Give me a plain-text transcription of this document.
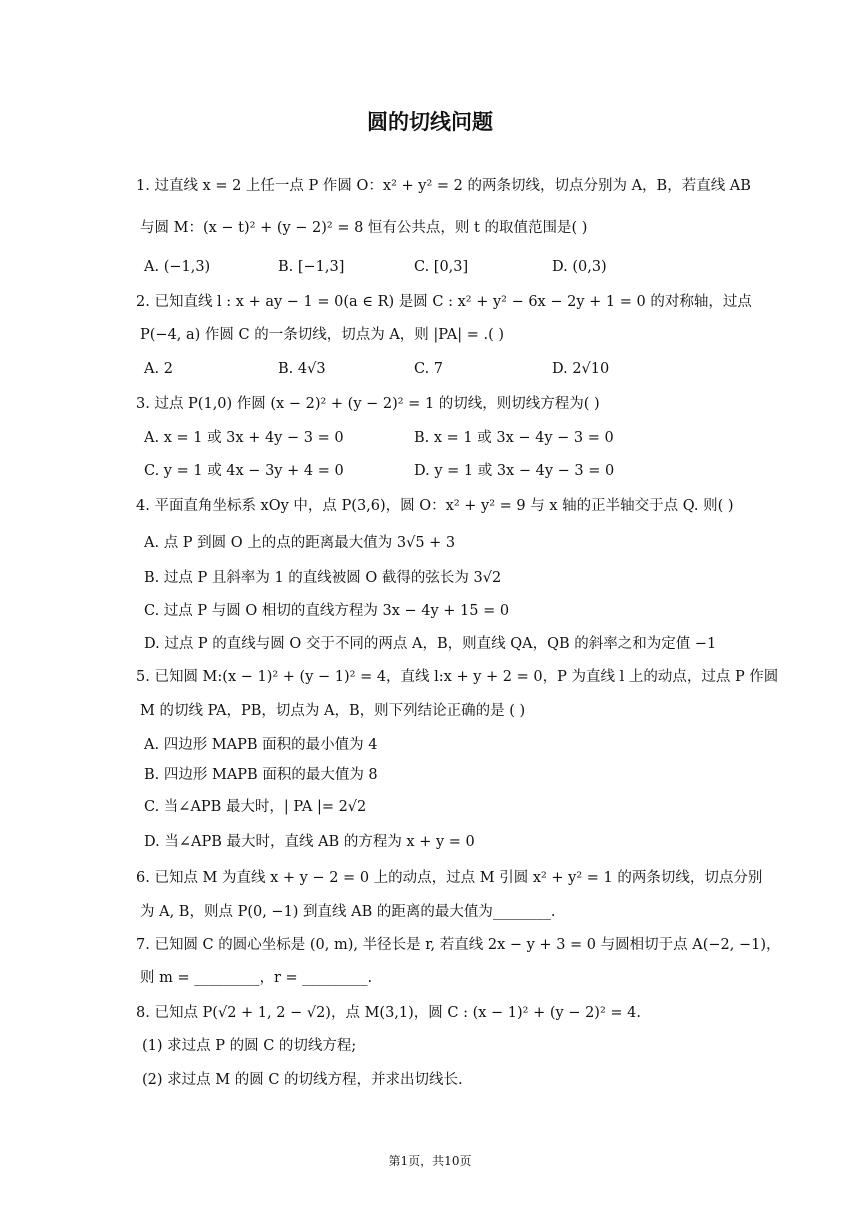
圆的切线问题
1. 过直线 x = 2 上任一点 P 作圆 O：x² + y² = 2 的两条切线，切点分别为 A，B，若直线 AB
与圆 M：(x − t)² + (y − 2)² = 8 恒有公共点，则 t 的取值范围是( )
A. (−1,3)	B. [−1,3]	C. [0,3]	D. (0,3)
2. 已知直线 l : x + ay − 1 = 0(a ∈ R) 是圆 C : x² + y² − 6x − 2y + 1 = 0 的对称轴，过点
P(−4, a) 作圆 C 的一条切线，切点为 A，则 |PA| = .( )
A. 2	B. 4√3	C. 7	D. 2√10
3. 过点 P(1,0) 作圆 (x − 2)² + (y − 2)² = 1 的切线，则切线方程为( )
A. x = 1 或 3x + 4y − 3 = 0	B. x = 1 或 3x − 4y − 3 = 0
C. y = 1 或 4x − 3y + 4 = 0	D. y = 1 或 3x − 4y − 3 = 0
4. 平面直角坐标系 xOy 中，点 P(3,6)，圆 O：x² + y² = 9 与 x 轴的正半轴交于点 Q. 则( )
A. 点 P 到圆 O 上的点的距离最大值为 3√5 + 3
B. 过点 P 且斜率为 1 的直线被圆 O 截得的弦长为 3√2
C. 过点 P 与圆 O 相切的直线方程为 3x − 4y + 15 = 0
D. 过点 P 的直线与圆 O 交于不同的两点 A，B，则直线 QA，QB 的斜率之和为定值 −1
5. 已知圆 M:(x − 1)² + (y − 1)² = 4，直线 l:x + y + 2 = 0，P 为直线 l 上的动点，过点 P 作圆
M 的切线 PA，PB，切点为 A，B，则下列结论正确的是 ( )
A. 四边形 MAPB 面积的最小值为 4
B. 四边形 MAPB 面积的最大值为 8
C. 当∠APB 最大时，| PA |= 2√2
D. 当∠APB 最大时，直线 AB 的方程为 x + y = 0
6. 已知点 M 为直线 x + y − 2 = 0 上的动点，过点 M 引圆 x² + y² = 1 的两条切线，切点分别
为 A, B，则点 P(0, −1) 到直线 AB 的距离的最大值为________.
7. 已知圆 C 的圆心坐标是 (0, m), 半径长是 r, 若直线 2x − y + 3 = 0 与圆相切于点 A(−2, −1)，
则 m = _________，r = _________.
8. 已知点 P(√2 + 1, 2 − √2)，点 M(3,1)，圆 C : (x − 1)² + (y − 2)² = 4.
(1) 求过点 P 的圆 C 的切线方程;
(2) 求过点 M 的圆 C 的切线方程，并求出切线长.
第1页，共10页
